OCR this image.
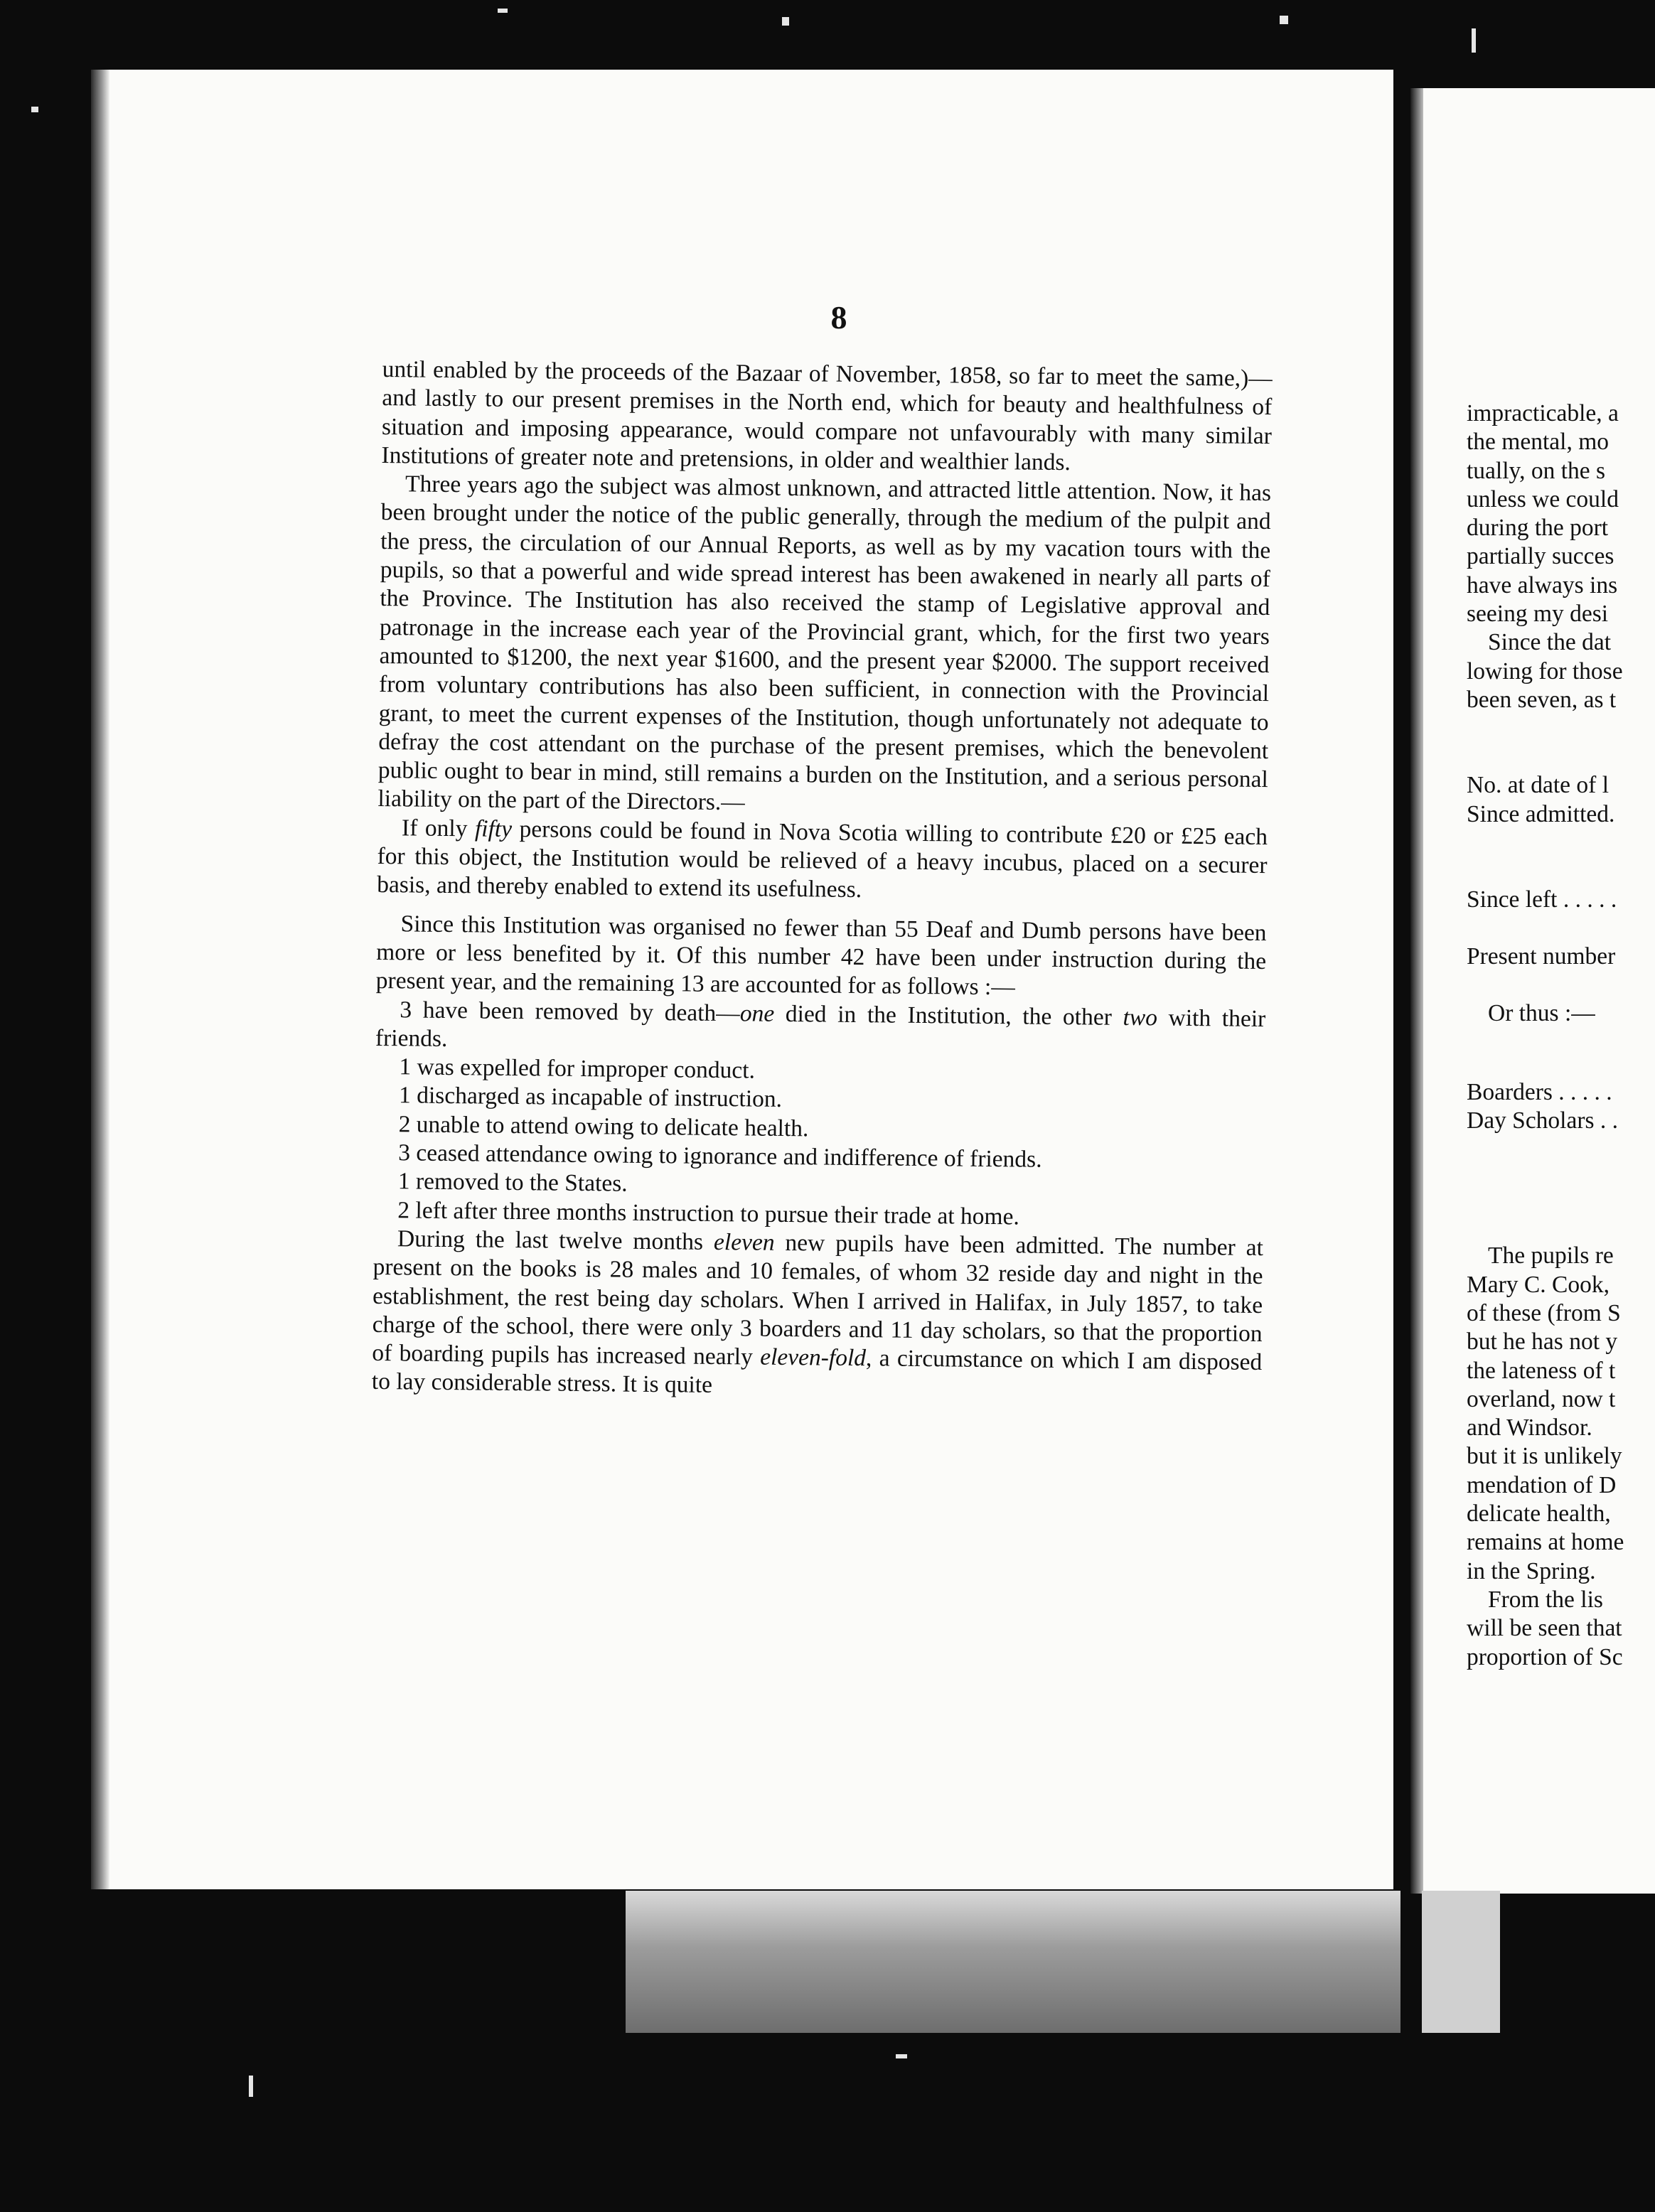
8

until enabled by the proceeds of the Bazaar of November, 1858, so far to meet the same,)—and lastly to our present premises in the North end, which for beauty and healthfulness of situation and imposing appearance, would compare not unfavourably with many similar Institutions of greater note and pretensions, in older and wealthier lands.

Three years ago the subject was almost unknown, and attracted little attention. Now, it has been brought under the notice of the public generally, through the medium of the pulpit and the press, the circulation of our Annual Reports, as well as by my vacation tours with the pupils, so that a powerful and wide spread interest has been awakened in nearly all parts of the Province. The Institution has also received the stamp of Legislative approval and patronage in the increase each year of the Provincial grant, which, for the first two years amounted to $1200, the next year $1600, and the present year $2000. The support received from voluntary contributions has also been sufficient, in connection with the Provincial grant, to meet the current expenses of the Institution, though unfortunately not adequate to defray the cost attendant on the purchase of the present premises, which the benevolent public ought to bear in mind, still remains a burden on the Institution, and a serious personal liability on the part of the Directors.—

If only fifty persons could be found in Nova Scotia willing to contribute £20 or £25 each for this object, the Institution would be relieved of a heavy incubus, placed on a securer basis, and thereby enabled to extend its usefulness.

Since this Institution was organised no fewer than 55 Deaf and Dumb persons have been more or less benefited by it. Of this number 42 have been under instruction during the present year, and the remaining 13 are accounted for as follows :—

3 have been removed by death—one died in the Institution, the other two with their friends.

1 was expelled for improper conduct.

1 discharged as incapable of instruction.

2 unable to attend owing to delicate health.

3 ceased attendance owing to ignorance and indifference of friends.

1 removed to the States.

2 left after three months instruction to pursue their trade at home.

During the last twelve months eleven new pupils have been admitted. The number at present on the books is 28 males and 10 females, of whom 32 reside day and night in the establishment, the rest being day scholars. When I arrived in Halifax, in July 1857, to take charge of the school, there were only 3 boarders and 11 day scholars, so that the proportion of boarding pupils has increased nearly eleven-fold, a circumstance on which I am disposed to lay considerable stress. It is quite

impracticable, a
the mental, mo
tually, on the s
unless we could
during the port
partially succes
have always ins
seeing my desi
Since the dat
lowing for those
been seven, as t
No. at date of l
Since admitted.
Since left . . . . .
Present number
Or thus :—
Boarders . . . . .
Day Scholars . .
The pupils re
Mary C. Cook,
of these (from S
but he has not y
the lateness of t
overland, now t
and Windsor.
but it is unlikely
mendation of D
delicate health,
remains at home
in the Spring.
From the lis
will be seen that
proportion of Sc
